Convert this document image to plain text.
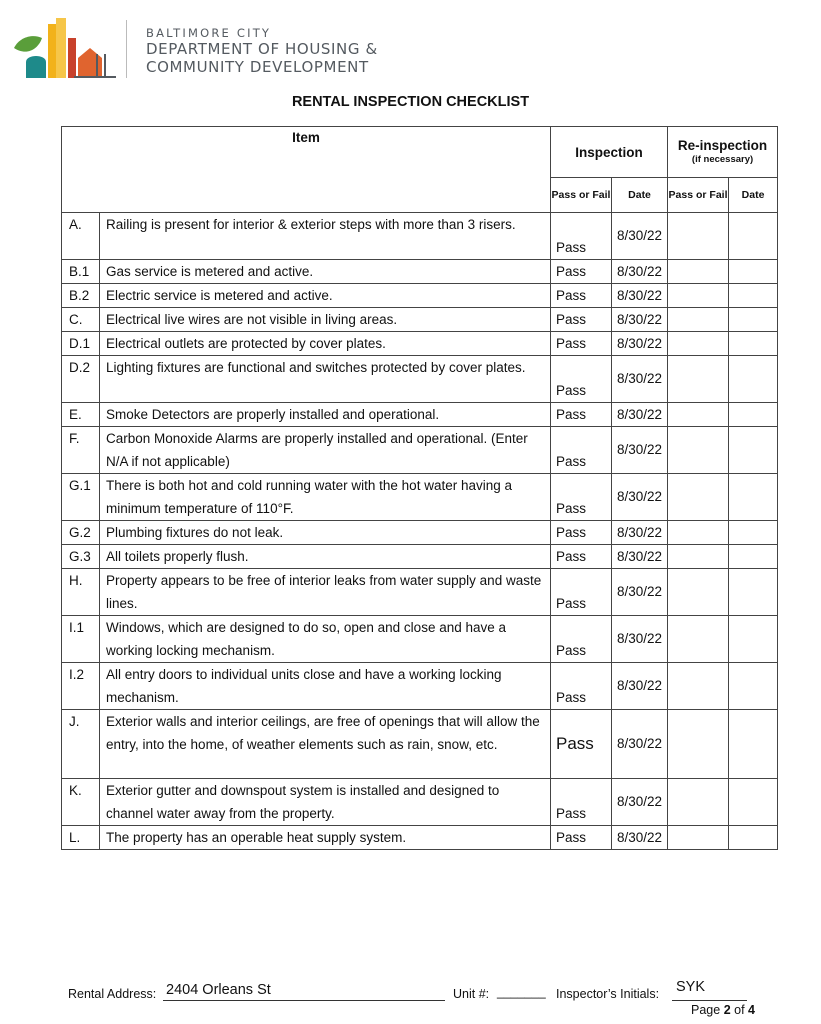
BALTIMORE CITY
DEPARTMENT OF HOUSING &
COMMUNITY DEVELOPMENT
RENTAL INSPECTION CHECKLIST
Item		Inspection		Re-inspection
(if necessary)	

		Pass or Fail	Date	Pass or Fail	Date
A.	Railing is present for interior & exterior steps with more than 3 risers.	Pass	8/30/22		
B.1	Gas service is metered and active.	Pass	8/30/22		
B.2	Electric service is metered and active.	Pass	8/30/22		
C.	Electrical live wires are not visible in living areas.	Pass	8/30/22		
D.1	Electrical outlets are protected by cover plates.	Pass	8/30/22		
D.2	Lighting fixtures are functional and switches protected by cover plates.	Pass	8/30/22		
E.	Smoke Detectors are properly installed and operational.	Pass	8/30/22		
F.	Carbon Monoxide Alarms are properly installed and operational. (Enter N/A if not applicable)	Pass	8/30/22		
G.1	There is both hot and cold running water with the hot water having a minimum temperature of 110°F.	Pass	8/30/22		
G.2	Plumbing fixtures do not leak.	Pass	8/30/22		
G.3	All toilets properly flush.	Pass	8/30/22		
H.	Property appears to be free of interior leaks from water supply and waste lines.	Pass	8/30/22		
I.1	Windows, which are designed to do so, open and close and have a working locking mechanism.	Pass	8/30/22		
I.2	All entry doors to individual units close and have a working locking mechanism.	Pass	8/30/22		
J.	Exterior walls and interior ceilings, are free of openings that will allow the entry, into the home, of weather elements such as rain, snow, etc.	Pass	8/30/22		
K.	Exterior gutter and downspout system is installed and designed to channel water away from the property.	Pass	8/30/22		
L.	The property has an operable heat supply system.	Pass	8/30/22		
Rental Address: 2404 Orleans St	Unit #: _______ Inspector’s Initials: SYK
Page 2 of 4
